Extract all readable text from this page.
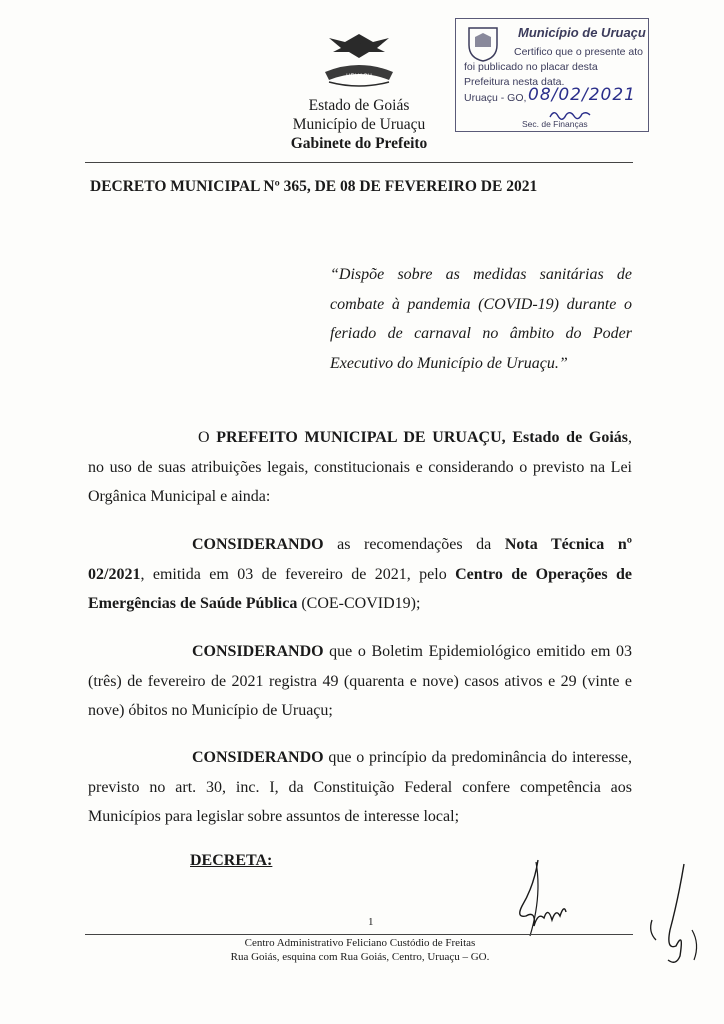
URUAÇU
Estado de Goiás
Município de Uruaçu
Gabinete do Prefeito
Município de Uruaçu
Certifico que o presente ato
foi publicado no placar desta
Prefeitura nesta data.
Uruaçu - GO, 08/02/2021
Sec. de Finanças
DECRETO MUNICIPAL Nº 365, DE 08 DE FEVEREIRO DE 2021
“Dispõe sobre as medidas sanitárias de combate à pandemia (COVID-19) durante o feriado de carnaval no âmbito do Poder Executivo do Município de Uruaçu.”
O PREFEITO MUNICIPAL DE URUAÇU, Estado de Goiás, no uso de suas atribuições legais, constitucionais e considerando o previsto na Lei Orgânica Municipal e ainda:
CONSIDERANDO as recomendações da Nota Técnica nº 02/2021, emitida em 03 de fevereiro de 2021, pelo Centro de Operações de Emergências de Saúde Pública (COE-COVID19);
CONSIDERANDO que o Boletim Epidemiológico emitido em 03 (três) de fevereiro de 2021 registra 49 (quarenta e nove) casos ativos e 29 (vinte e nove) óbitos no Município de Uruaçu;
CONSIDERANDO que o princípio da predominância do interesse, previsto no art. 30, inc. I, da Constituição Federal confere competência aos Municípios para legislar sobre assuntos de interesse local;
DECRETA:
1
Centro Administrativo Feliciano Custódio de Freitas
Rua Goiás, esquina com Rua Goiás, Centro, Uruaçu – GO.
